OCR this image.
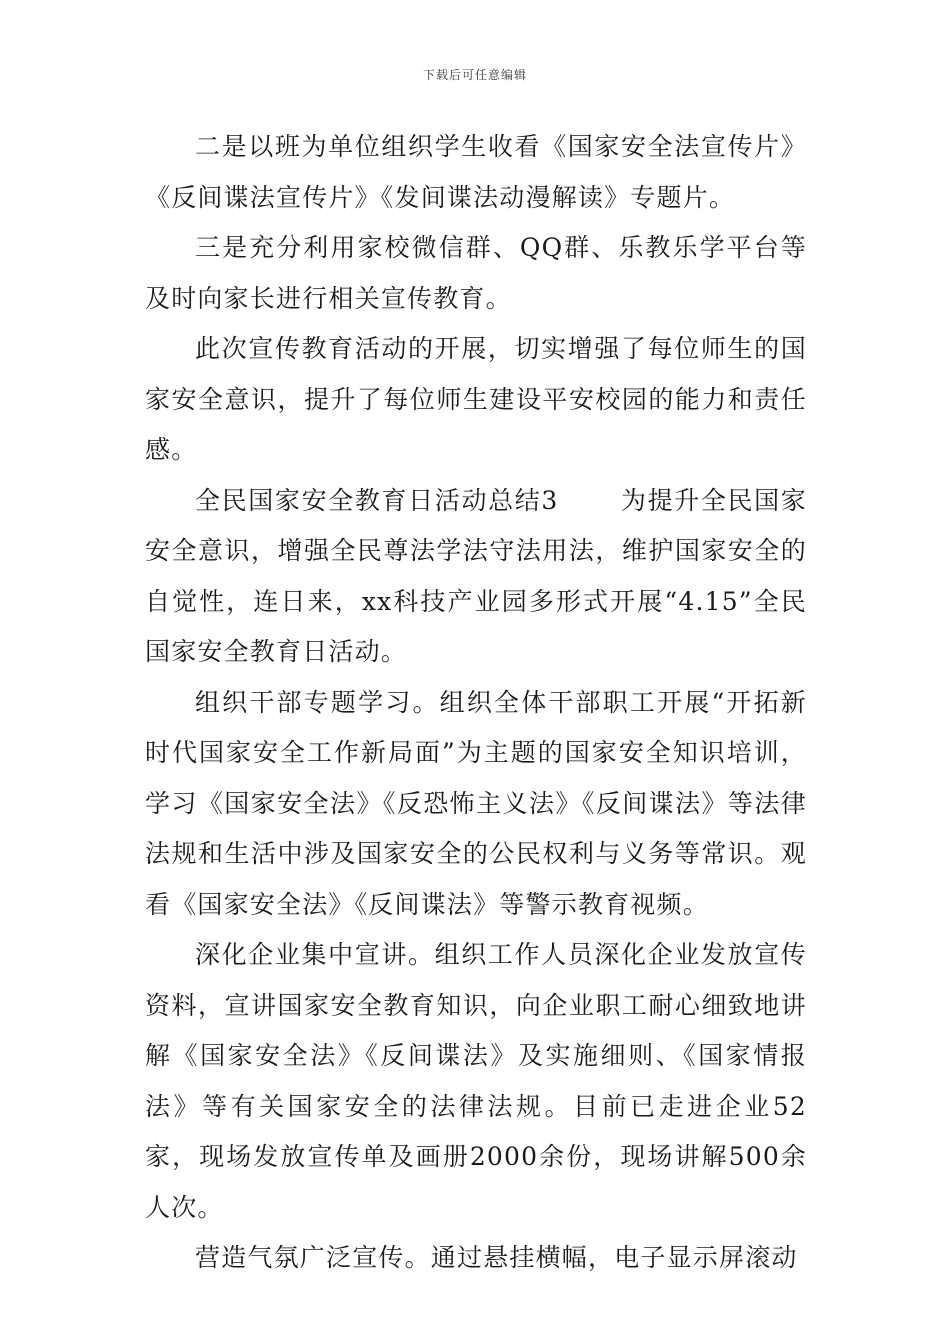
下载后可任意编辑

二是以班为单位组织学生收看《国家安全法宣传片》《反间谍法宣传片》《发间谍法动漫解读》专题片。

三是充分利用家校微信群、QQ群、乐教乐学平台等及时向家长进行相关宣传教育。

此次宣传教育活动的开展，切实增强了每位师生的国家安全意识，提升了每位师生建设平安校园的能力和责任感。

全民国家安全教育日活动总结3 为提升全民国家安全意识，增强全民尊法学法守法用法，维护国家安全的自觉性，连日来，xx科技产业园多形式开展“4.15”全民国家安全教育日活动。

组织干部专题学习。组织全体干部职工开展“开拓新时代国家安全工作新局面”为主题的国家安全知识培训，学习《国家安全法》《反恐怖主义法》《反间谍法》等法律法规和生活中涉及国家安全的公民权利与义务等常识。观看《国家安全法》《反间谍法》等警示教育视频。

深化企业集中宣讲。组织工作人员深化企业发放宣传资料，宣讲国家安全教育知识，向企业职工耐心细致地讲解《国家安全法》《反间谍法》及实施细则、《国家情报法》等有关国家安全的法律法规。目前已走进企业52家，现场发放宣传单及画册2000余份，现场讲解500余人次。

营造气氛广泛宣传。通过悬挂横幅，电子显示屏滚动
